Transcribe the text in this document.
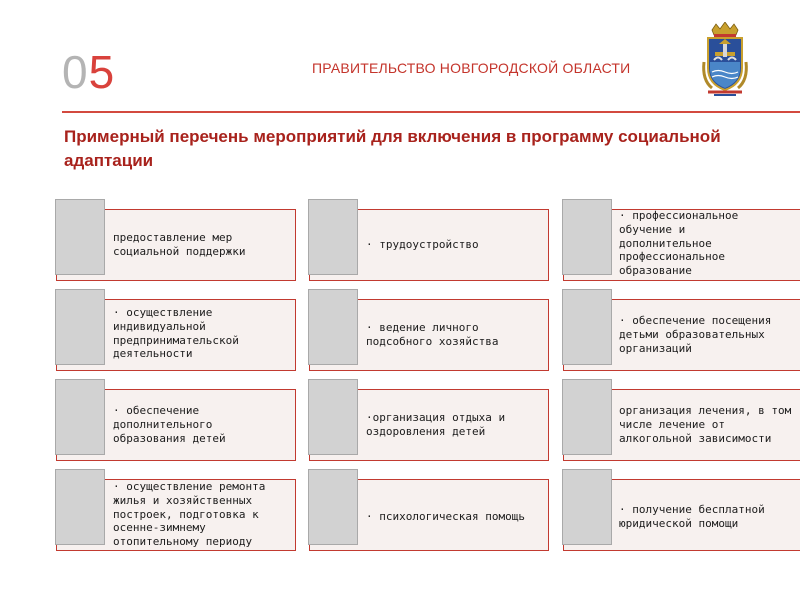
05	ПРАВИТЕЛЬСТВО НОВГОРОДСКОЙ ОБЛАСТИ
Примерный перечень мероприятий для включения в программу социальной адаптации
предоставление мер
социальной поддержки
· трудоустройство
· профессиональное
обучение и
дополнительное
профессиональное
образование
· осуществление
индивидуальной
предпринимательской
деятельности
· ведение личного
подсобного хозяйства
· обеспечение посещения
детьми образовательных
организаций
· обеспечение
дополнительного
образования детей
·организация отдыха и
оздоровления детей
организация лечения, в том
числе лечение от
алкогольной зависимости
· осуществление ремонта
жилья и хозяйственных
построек, подготовка к
осенне-зимнему
отопительному периоду
· психологическая помощь
· получение бесплатной
юридической помощи
